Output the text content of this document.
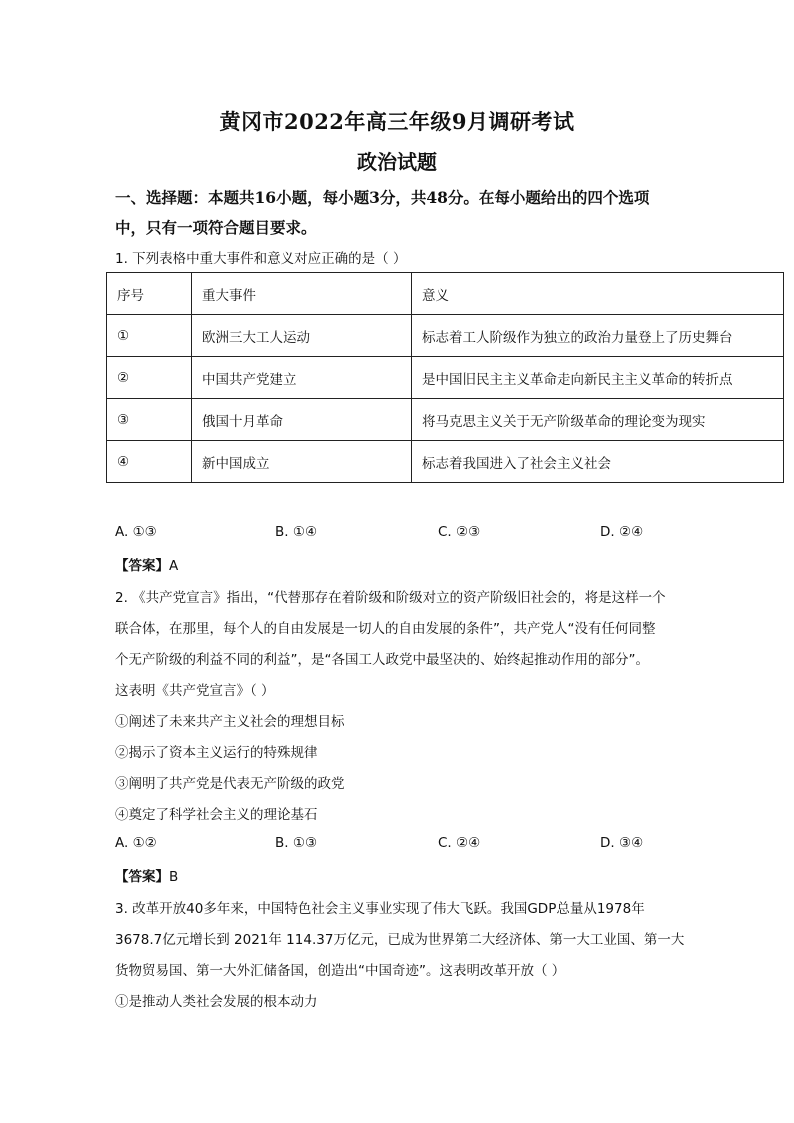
黄冈市2022年高三年级9月调研考试
政治试题
一、选择题：本题共16小题，每小题3分，共48分。在每小题给出的四个选项
中，只有一项符合题目要求。
1. 下列表格中重大事件和意义对应正确的是（ ）
序号	重大事件	意义
①	欧洲三大工人运动	标志着工人阶级作为独立的政治力量登上了历史舞台
②	中国共产党建立	是中国旧民主主义革命走向新民主主义革命的转折点
③	俄国十月革命	将马克思主义关于无产阶级革命的理论变为现实
④	新中国成立	标志着我国进入了社会主义社会
A. ①③	B. ①④	C. ②③	D. ②④
【答案】A
2. 《共产党宣言》指出，“代替那存在着阶级和阶级对立的资产阶级旧社会的，将是这样一个
联合体，在那里，每个人的自由发展是一切人的自由发展的条件”，共产党人“没有任何同整
个无产阶级的利益不同的利益”，是“各国工人政党中最坚决的、始终起推动作用的部分”。
这表明《共产党宣言》（ ）
①阐述了未来共产主义社会的理想目标
②揭示了资本主义运行的特殊规律
③阐明了共产党是代表无产阶级的政党
④奠定了科学社会主义的理论基石
A. ①②	B. ①③	C. ②④	D. ③④
【答案】B
3. 改革开放40多年来，中国特色社会主义事业实现了伟大飞跃。我国GDP总量从1978年
3678.7亿元增长到 2021年 114.37万亿元，已成为世界第二大经济体、第一大工业国、第一大
货物贸易国、第一大外汇储备国，创造出“中国奇迹”。这表明改革开放（ ）
①是推动人类社会发展的根本动力
